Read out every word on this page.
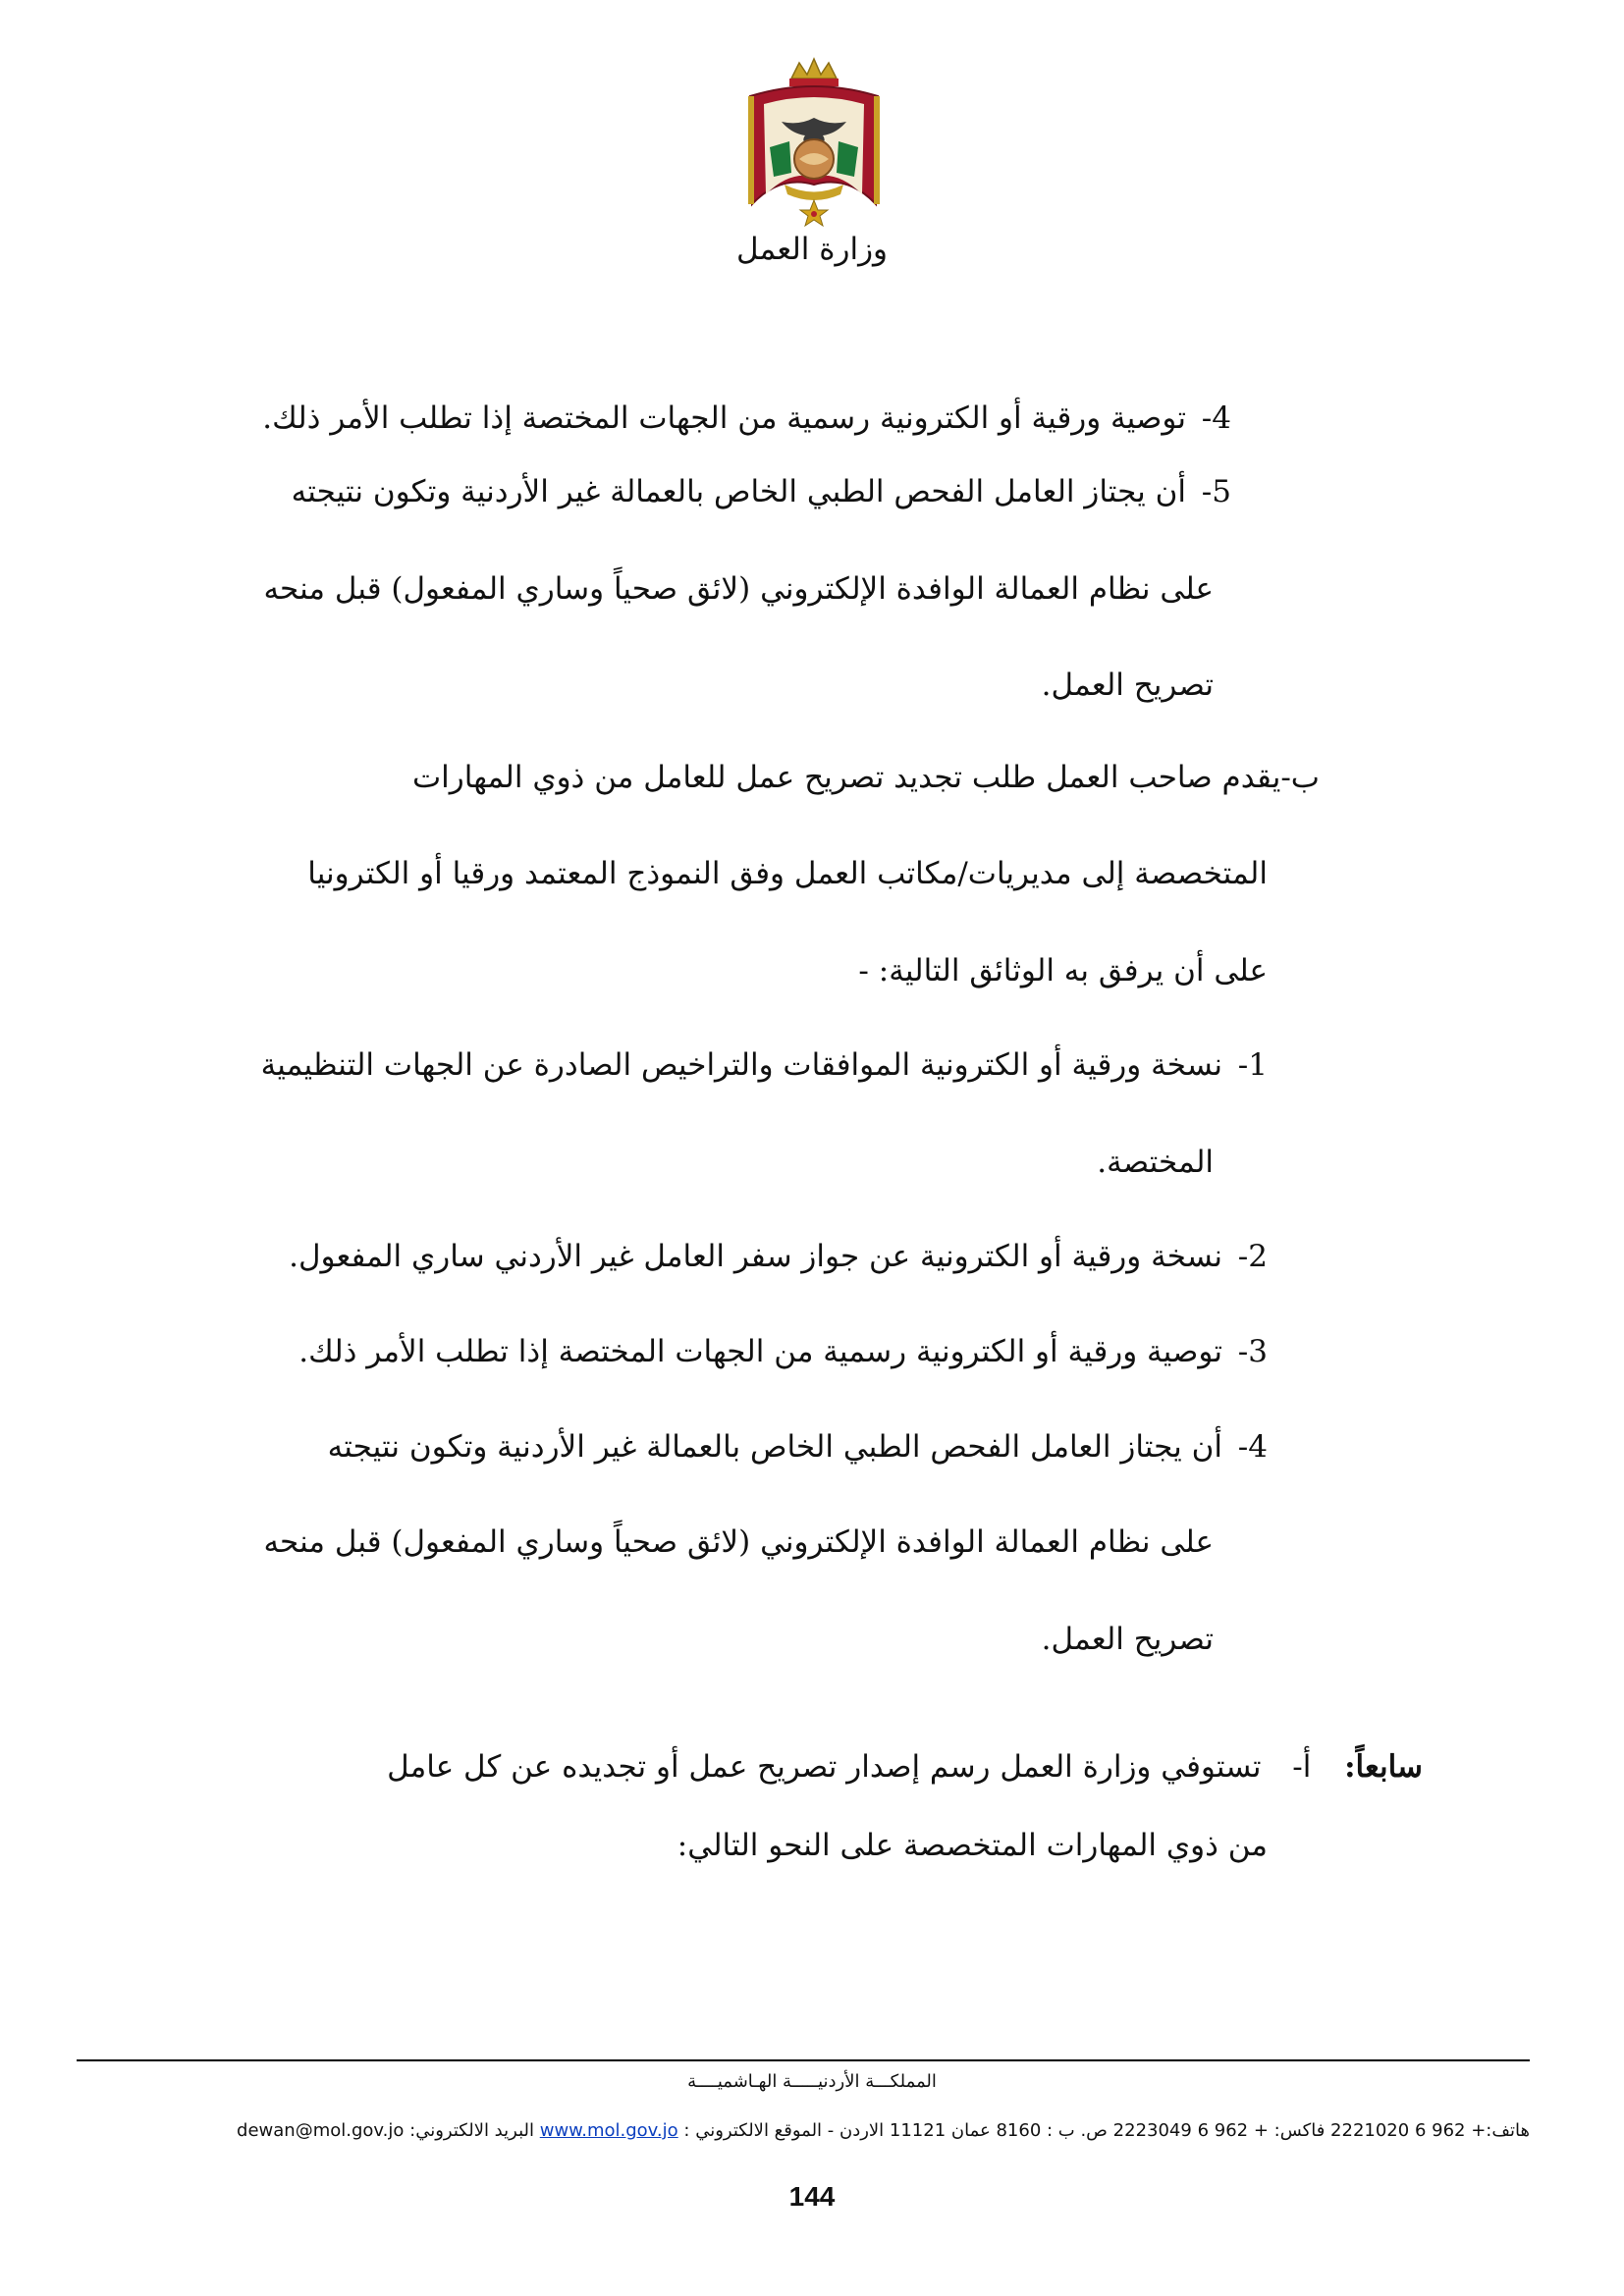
وزارة العمل
4-توصية ورقية أو الكترونية رسمية من الجهات المختصة إذا تطلب الأمر ذلك.
5-أن يجتاز العامل الفحص الطبي الخاص بالعمالة غير الأردنية وتكون نتيجته
على نظام العمالة الوافدة الإلكتروني (لائق صحياً وساري المفعول) قبل منحه
تصريح العمل.
ب-يقدم صاحب العمل طلب تجديد تصريح عمل للعامل من ذوي المهارات
المتخصصة إلى مديريات/مكاتب العمل وفق النموذج المعتمد ورقيا أو الكترونيا
على أن يرفق به الوثائق التالية: -
1-نسخة ورقية أو الكترونية الموافقات والتراخيص الصادرة عن الجهات التنظيمية
المختصة.
2-نسخة ورقية أو الكترونية عن جواز سفر العامل غير الأردني ساري المفعول.
3-توصية ورقية أو الكترونية رسمية من الجهات المختصة إذا تطلب الأمر ذلك.
4-أن يجتاز العامل الفحص الطبي الخاص بالعمالة غير الأردنية وتكون نتيجته
على نظام العمالة الوافدة الإلكتروني (لائق صحياً وساري المفعول) قبل منحه
تصريح العمل.
سابعاً:  أ-  تستوفي وزارة العمل رسم إصدار تصريح عمل أو تجديده عن كل عامل
من ذوي المهارات المتخصصة على النحو التالي:
المملكـــة الأردنيـــــة الهـاشميــــة
هاتف:+ 962 6 2221020 فاكس: + 962 6 2223049 ص. ب : 8160 عمان 11121 الاردن - الموقع الالكتروني : www.mol.gov.jo البريد الالكتروني: dewan@mol.gov.jo
144
